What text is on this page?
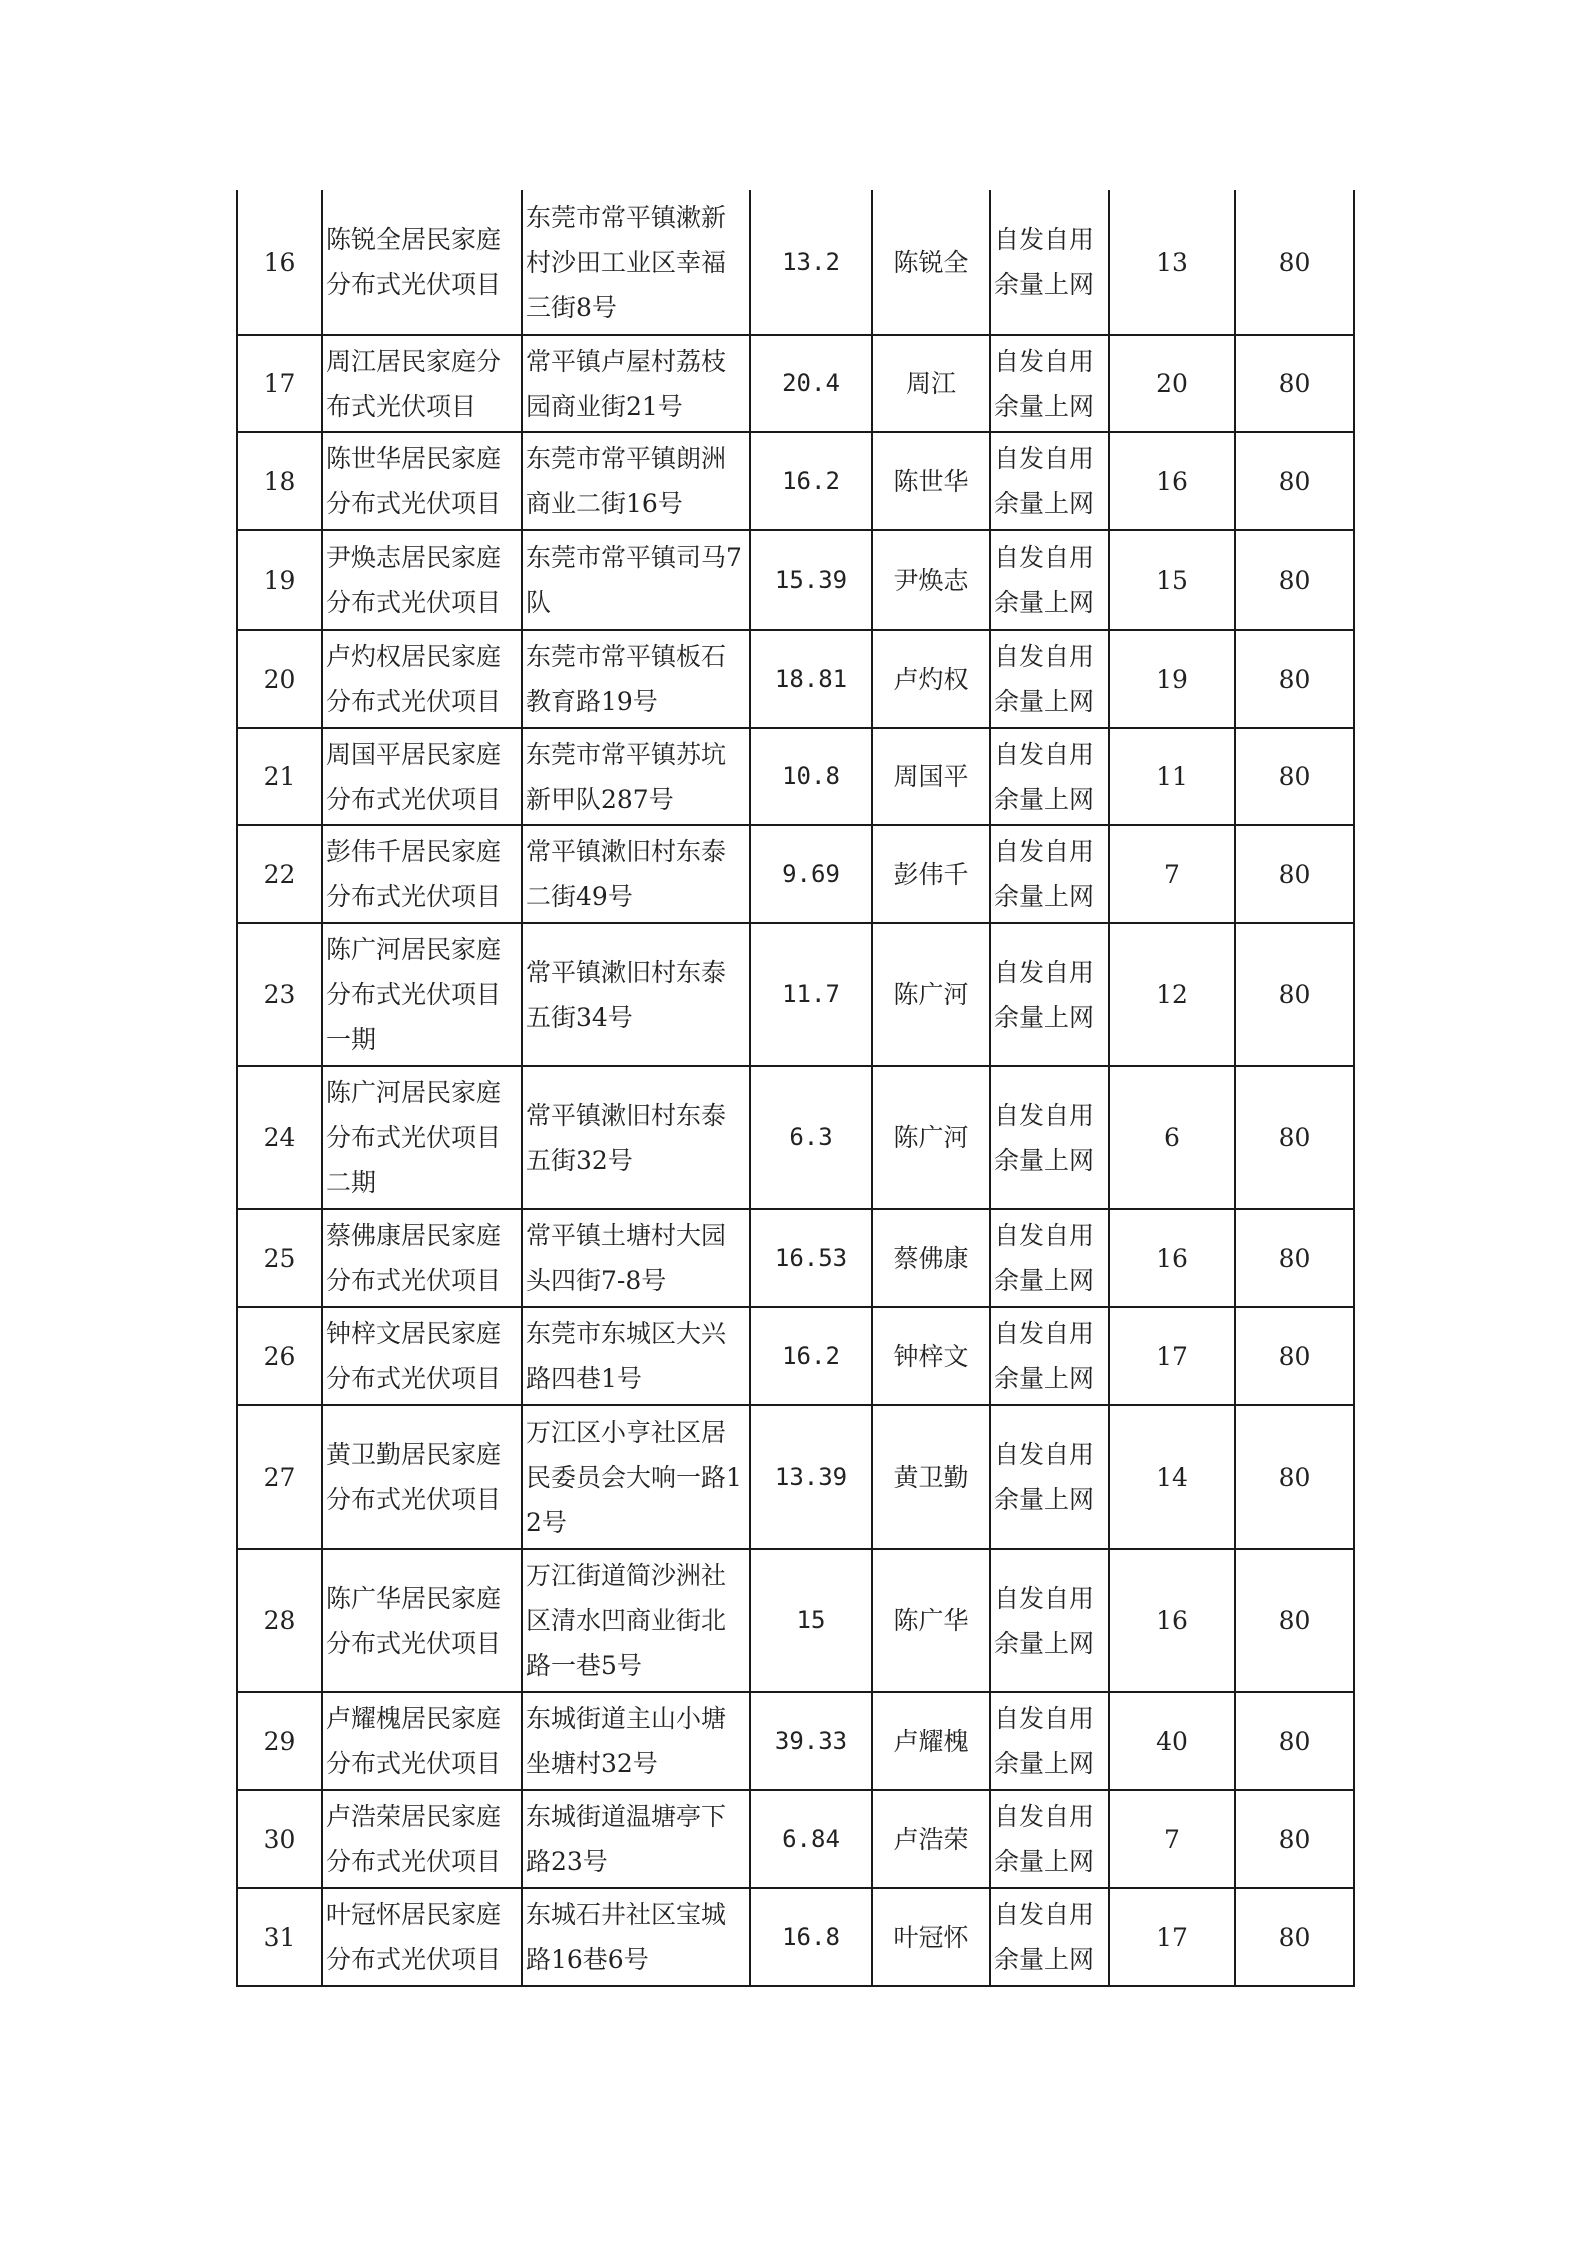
16	陈锐全居民家庭分布式光伏项目	东莞市常平镇漱新村沙田工业区幸福三街8号	13.2	陈锐全	自发自用余量上网	13	80
17	周江居民家庭分布式光伏项目	常平镇卢屋村荔枝园商业街21号	20.4	周江	自发自用余量上网	20	80
18	陈世华居民家庭分布式光伏项目	东莞市常平镇朗洲商业二街16号	16.2	陈世华	自发自用余量上网	16	80
19	尹焕志居民家庭分布式光伏项目	东莞市常平镇司马7队	15.39	尹焕志	自发自用余量上网	15	80
20	卢灼权居民家庭分布式光伏项目	东莞市常平镇板石教育路19号	18.81	卢灼权	自发自用余量上网	19	80
21	周国平居民家庭分布式光伏项目	东莞市常平镇苏坑新甲队287号	10.8	周国平	自发自用余量上网	11	80
22	彭伟千居民家庭分布式光伏项目	常平镇漱旧村东泰二街49号	9.69	彭伟千	自发自用余量上网	7	80
23	陈广河居民家庭分布式光伏项目一期	常平镇漱旧村东泰五街34号	11.7	陈广河	自发自用余量上网	12	80
24	陈广河居民家庭分布式光伏项目二期	常平镇漱旧村东泰五街32号	6.3	陈广河	自发自用余量上网	6	80
25	蔡佛康居民家庭分布式光伏项目	常平镇土塘村大园头四街7-8号	16.53	蔡佛康	自发自用余量上网	16	80
26	钟梓文居民家庭分布式光伏项目	东莞市东城区大兴路四巷1号	16.2	钟梓文	自发自用余量上网	17	80
27	黄卫勤居民家庭分布式光伏项目	万江区小亨社区居民委员会大响一路12号	13.39	黄卫勤	自发自用余量上网	14	80
28	陈广华居民家庭分布式光伏项目	万江街道简沙洲社区清水凹商业街北路一巷5号	15	陈广华	自发自用余量上网	16	80
29	卢耀槐居民家庭分布式光伏项目	东城街道主山小塘坐塘村32号	39.33	卢耀槐	自发自用余量上网	40	80
30	卢浩荣居民家庭分布式光伏项目	东城街道温塘亭下路23号	6.84	卢浩荣	自发自用余量上网	7	80
31	叶冠怀居民家庭分布式光伏项目	东城石井社区宝城路16巷6号	16.8	叶冠怀	自发自用余量上网	17	80
